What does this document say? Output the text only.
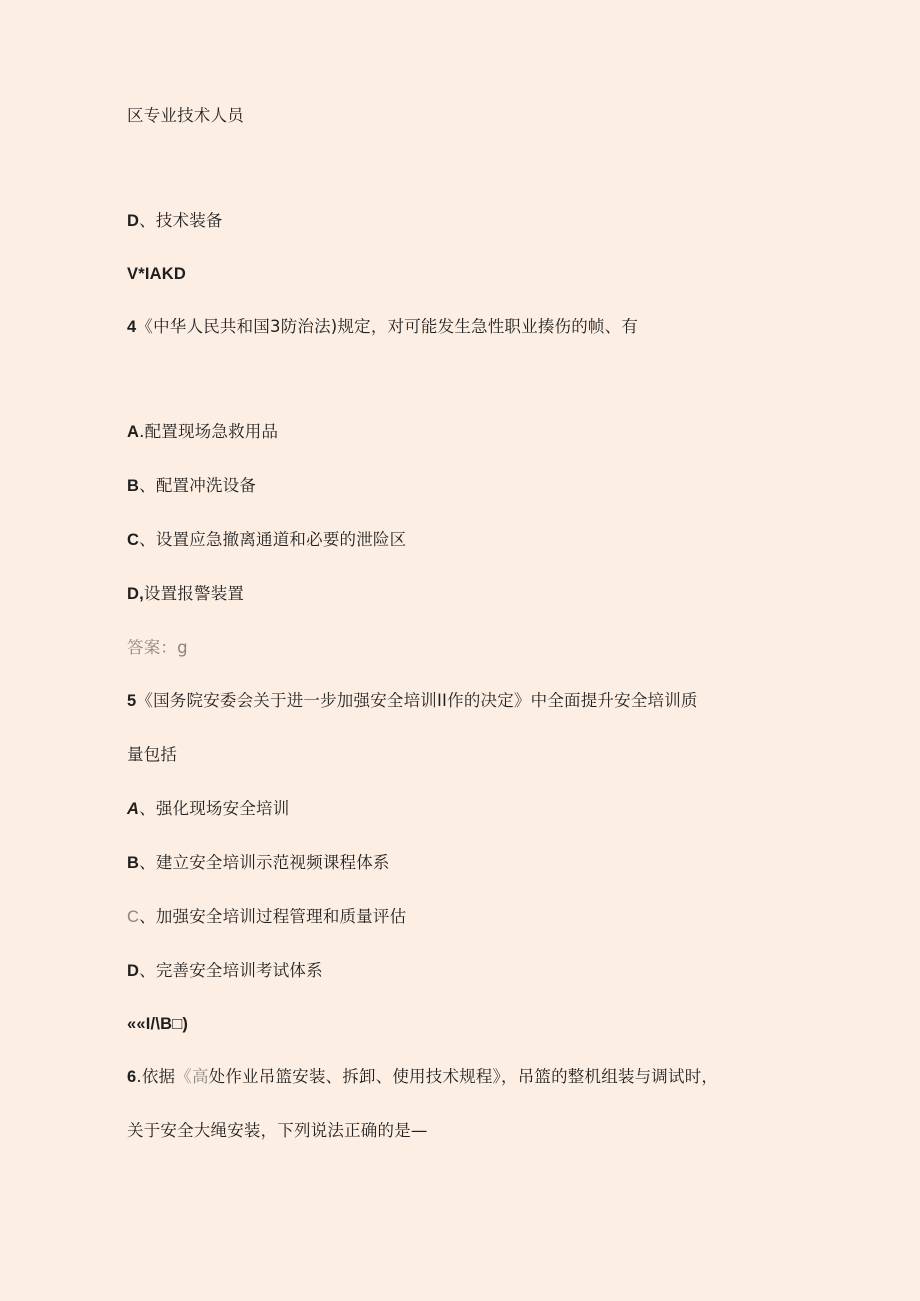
区专业技术人员
D、技术装备
V*IAKD
4《中华人民共和国3防治法)规定，对可能发生急性职业揍伤的帧、有
A.配置现场急救用品
B、配置冲洗设备
C、设置应急撤离通道和必要的泄险区
D,设置报警装置
答案：g
5《国务院安委会关于进一步加强安全培训II作的决定》中全面提升安全培训质
量包括
A、强化现场安全培训
B、建立安全培训示范视频课程体系
C、加强安全培训过程管理和质量评估
D、完善安全培训考试体系
««I/\B□)
6.依据《高处作业吊篮安装、拆卸、使用技术规程》，吊篮的整机组装与调试时，
关于安全大绳安装，下列说法正确的是—
